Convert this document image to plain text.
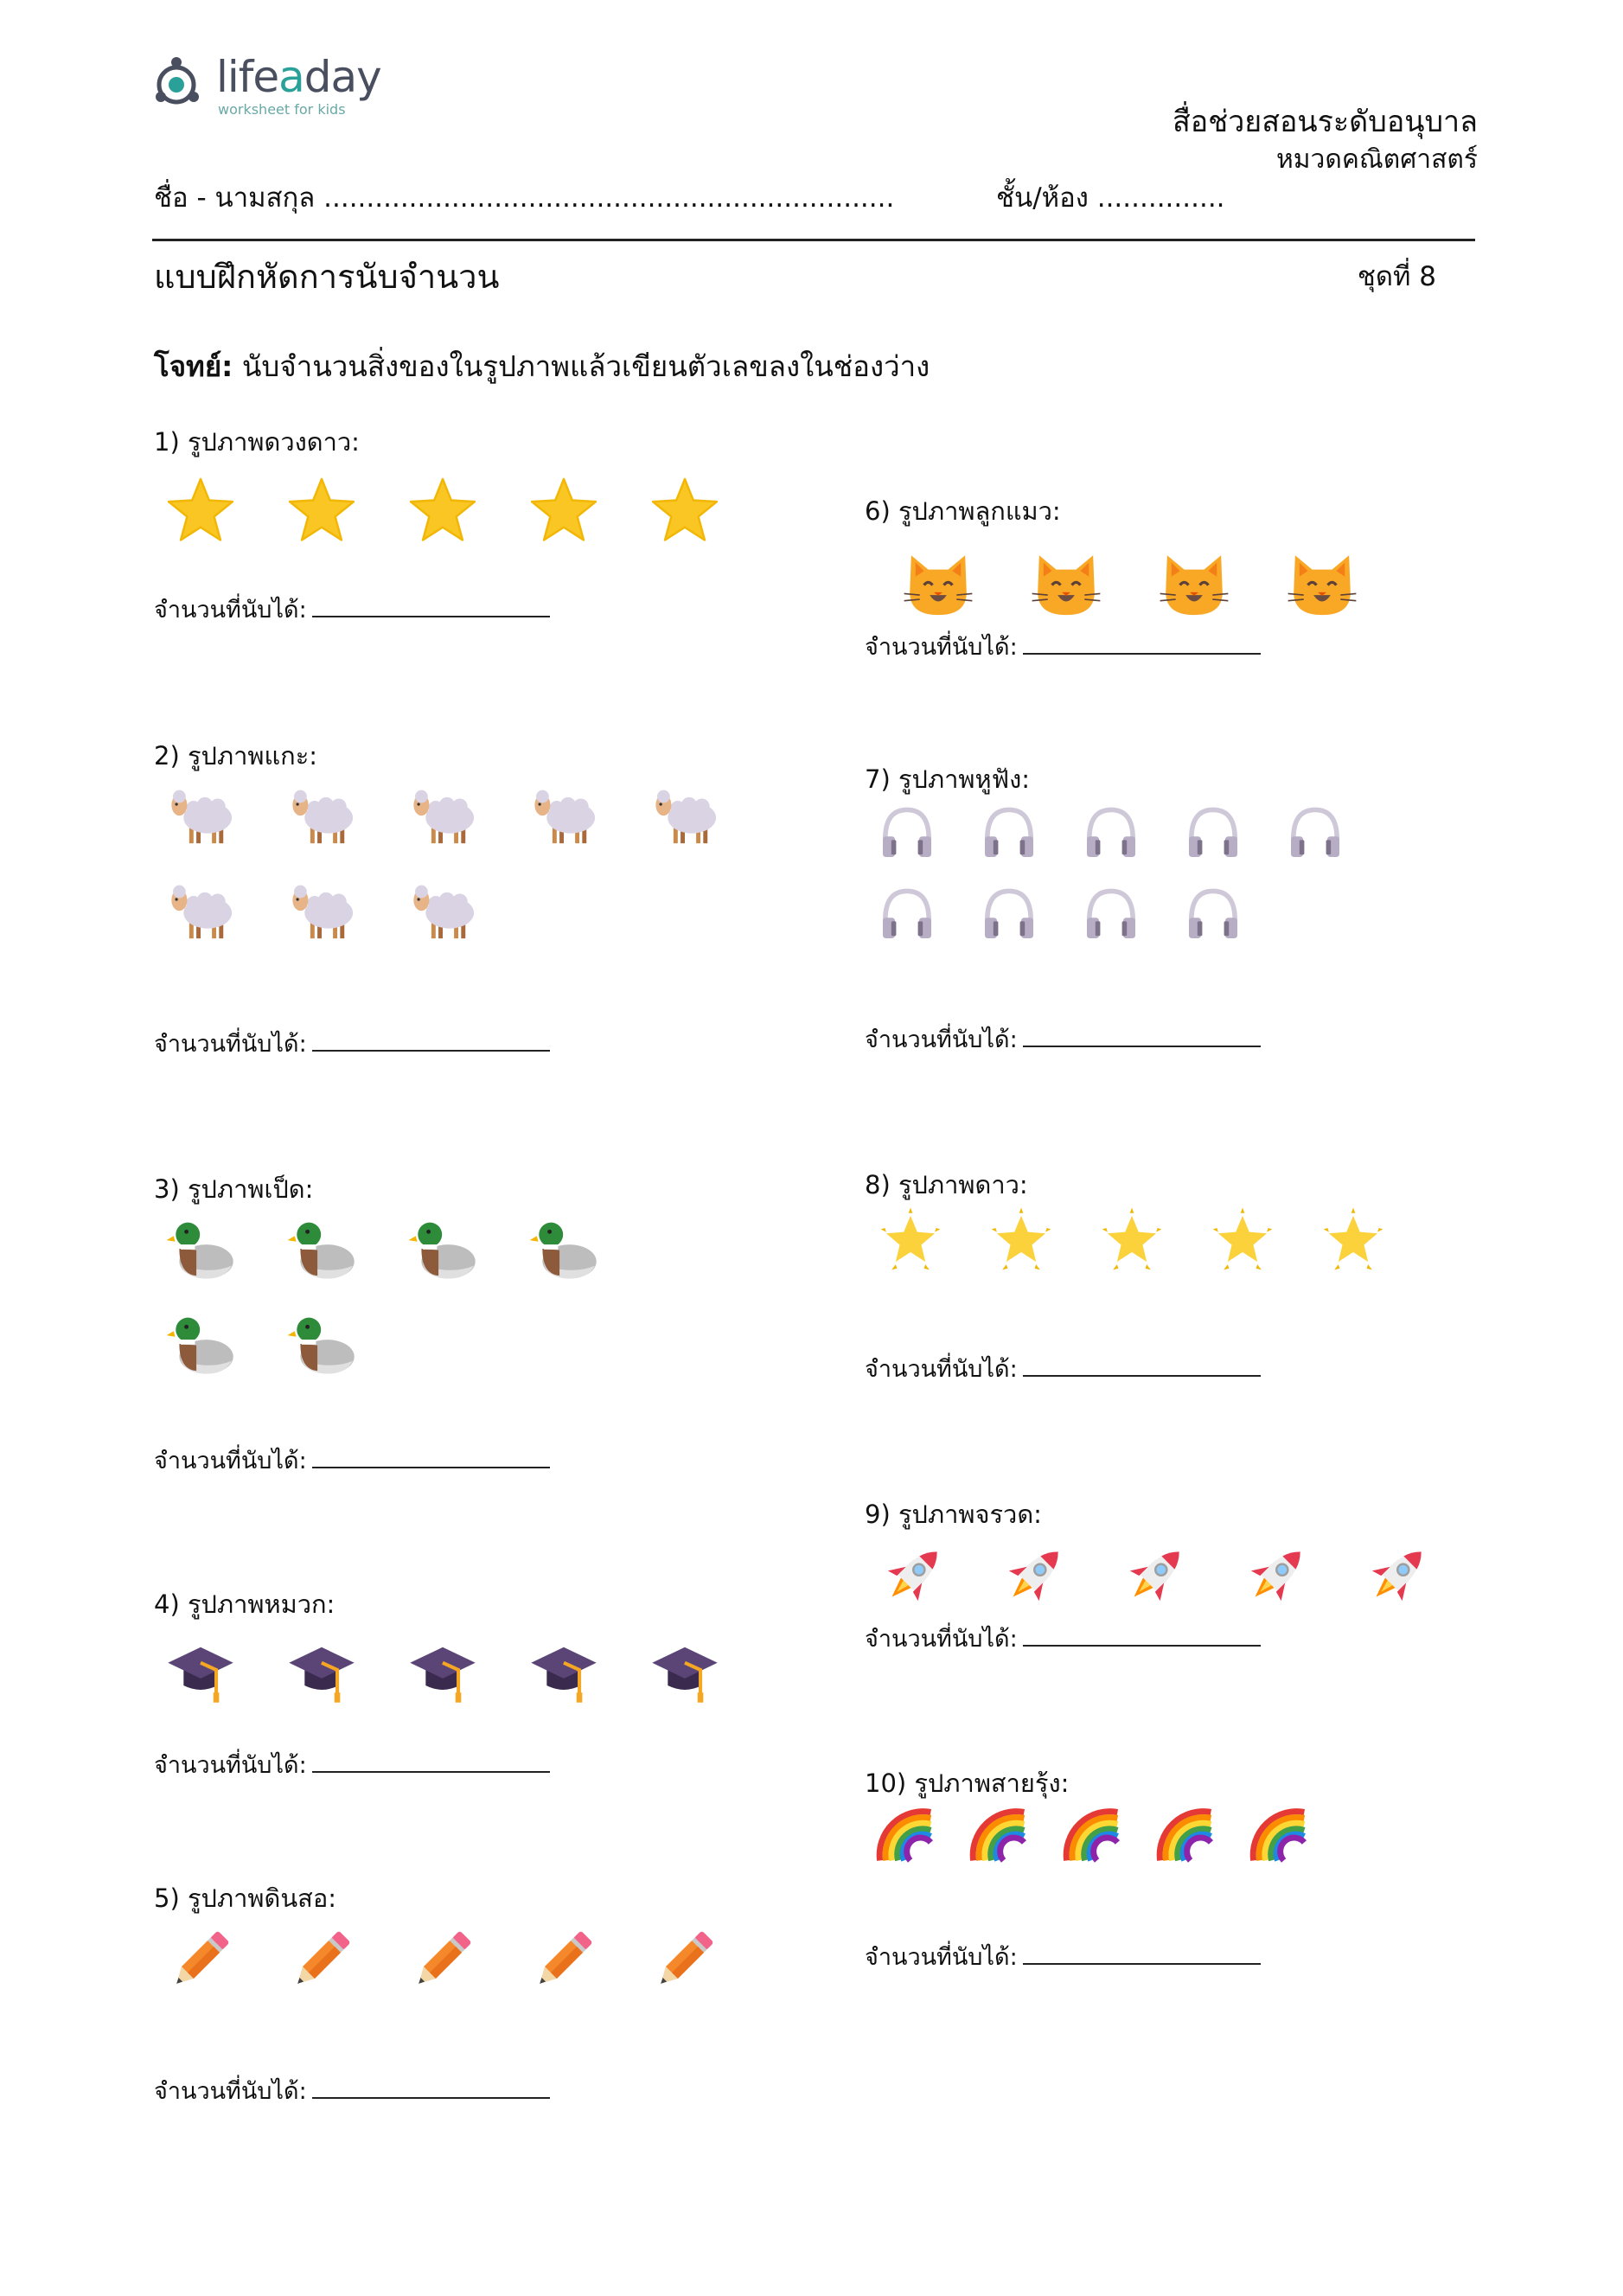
lifeaday
worksheet for kids	สื่อช่วยสอนระดับอนุบาล
หมวดคณิตศาสตร์
ชื่อ - นามสกุล ...................................................................	ชั้น/ห้อง ...............
แบบฝึกหัดการนับจำนวน	ชุดที่ 8
โจทย์: นับจำนวนสิ่งของในรูปภาพแล้วเขียนตัวเลขลงในช่องว่าง
1) รูปภาพดวงดาว:
จำนวนที่นับได้:
2) รูปภาพแกะ:
จำนวนที่นับได้:
3) รูปภาพเป็ด:
จำนวนที่นับได้:
4) รูปภาพหมวก:
จำนวนที่นับได้:
5) รูปภาพดินสอ:
จำนวนที่นับได้:
6) รูปภาพลูกแมว:
จำนวนที่นับได้:
7) รูปภาพหูฟัง:
จำนวนที่นับได้:
8) รูปภาพดาว:
จำนวนที่นับได้:
9) รูปภาพจรวด:
จำนวนที่นับได้:
10) รูปภาพสายรุ้ง:
จำนวนที่นับได้:
